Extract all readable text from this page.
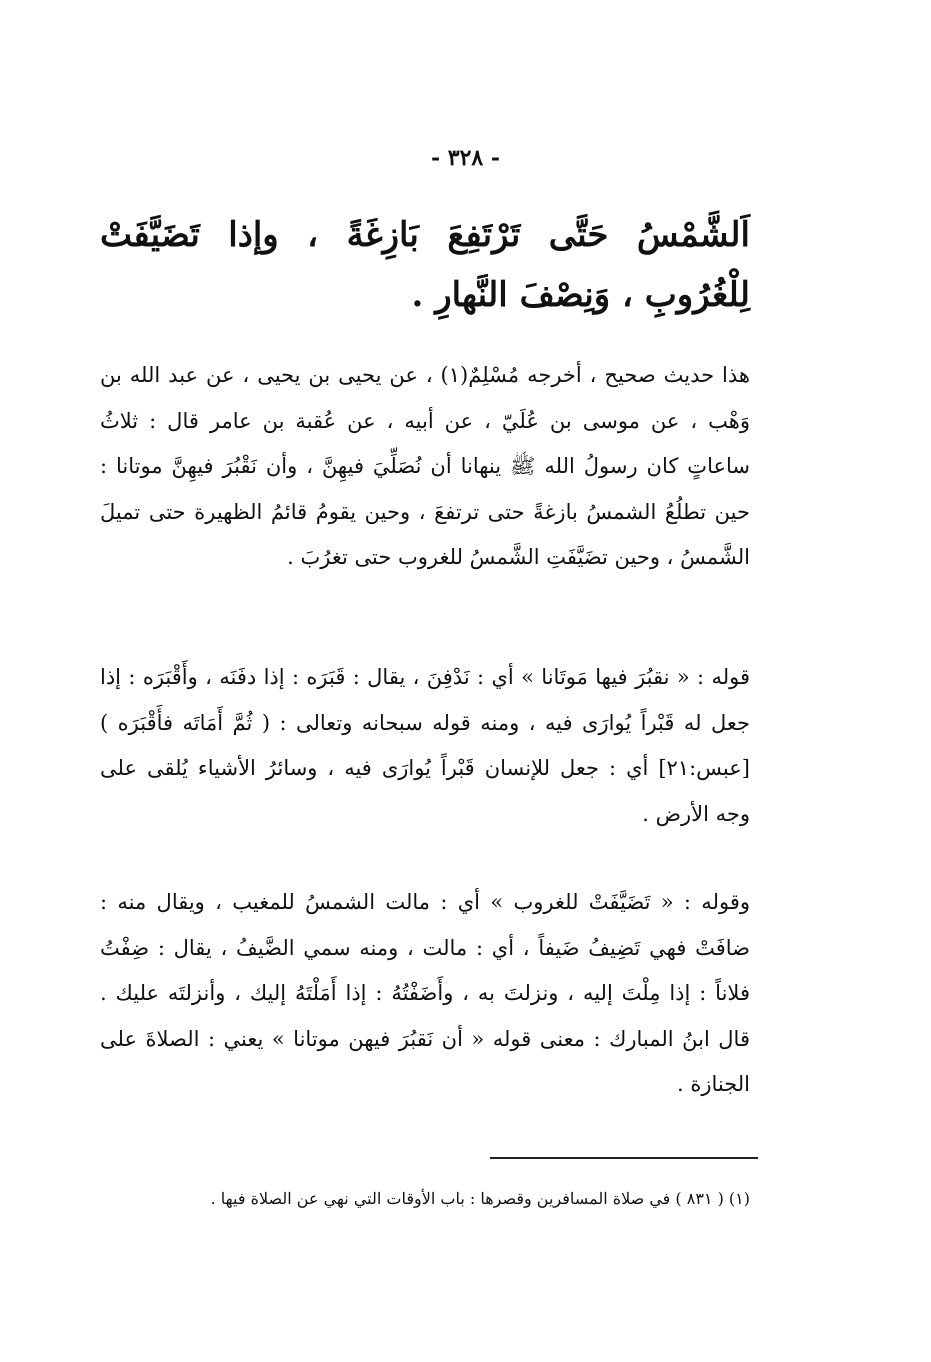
- ٣٢٨ -
اَلشَّمْسُ حَتَّى تَرْتَفِعَ بَازِغَةً ، وإذا تَضَيَّفَتْ لِلْغُرُوبِ ، وَنِصْفَ النَّهارِ .
هذا حديث صحيح ، أخرجه مُسْلِمٌ(١) ، عن يحيى بن يحيى ، عن عبد الله بن وَهْب ، عن موسى بن عُلَيّ ، عن أبيه ، عن عُقبة بن عامر قال : ثلاثُ ساعاتٍ كان رسولُ الله ﷺ ينهانا أن نُصَلِّيَ فيهِنَّ ، وأن نَقْبُرَ فيهِنَّ موتانا : حين تطلُعُ الشمسُ بازغةً حتى ترتفعَ ، وحين يقومُ قائمُ الظهيرة حتى تميلَ الشَّمسُ ، وحين تضَيَّفَتِ الشَّمسُ للغروب حتى تغرُبَ .
قوله : « نقبُرَ فيها مَوتَانا » أي : نَدْفِنَ ، يقال : قَبَرَه : إذا دفَنَه ، وأَقْبَرَه : إذا جعل له قَبْراً يُوارَى فيه ، ومنه قوله سبحانه وتعالى : ( ثُمَّ أَمَاتَه فأَقْبَرَه ) [عبس:٢١] أي : جعل للإنسان قَبْراً يُوارَى فيه ، وسائرُ الأشياء يُلقى على وجه الأرض .
وقوله : « تَضَيَّفَتْ للغروب » أي : مالت الشمسُ للمغيب ، ويقال منه : ضافَتْ فهي تَضِيفُ ضَيفاً ، أي : مالت ، ومنه سمي الضَّيفُ ، يقال : ضِفْتُ فلاناً : إذا مِلْتَ إليه ، ونزلتَ به ، وأَضَفْتُهُ : إذا أَمَلْتَهُ إليك ، وأنزلتَه عليك . قال ابنُ المبارك : معنى قوله « أن نَقبُرَ فيهن موتانا » يعني : الصلاةَ على الجنازة .
(١) ( ٨٣١ ) في صلاة المسافرين وقصرها : باب الأوقات التي نهي عن الصلاة فيها .
